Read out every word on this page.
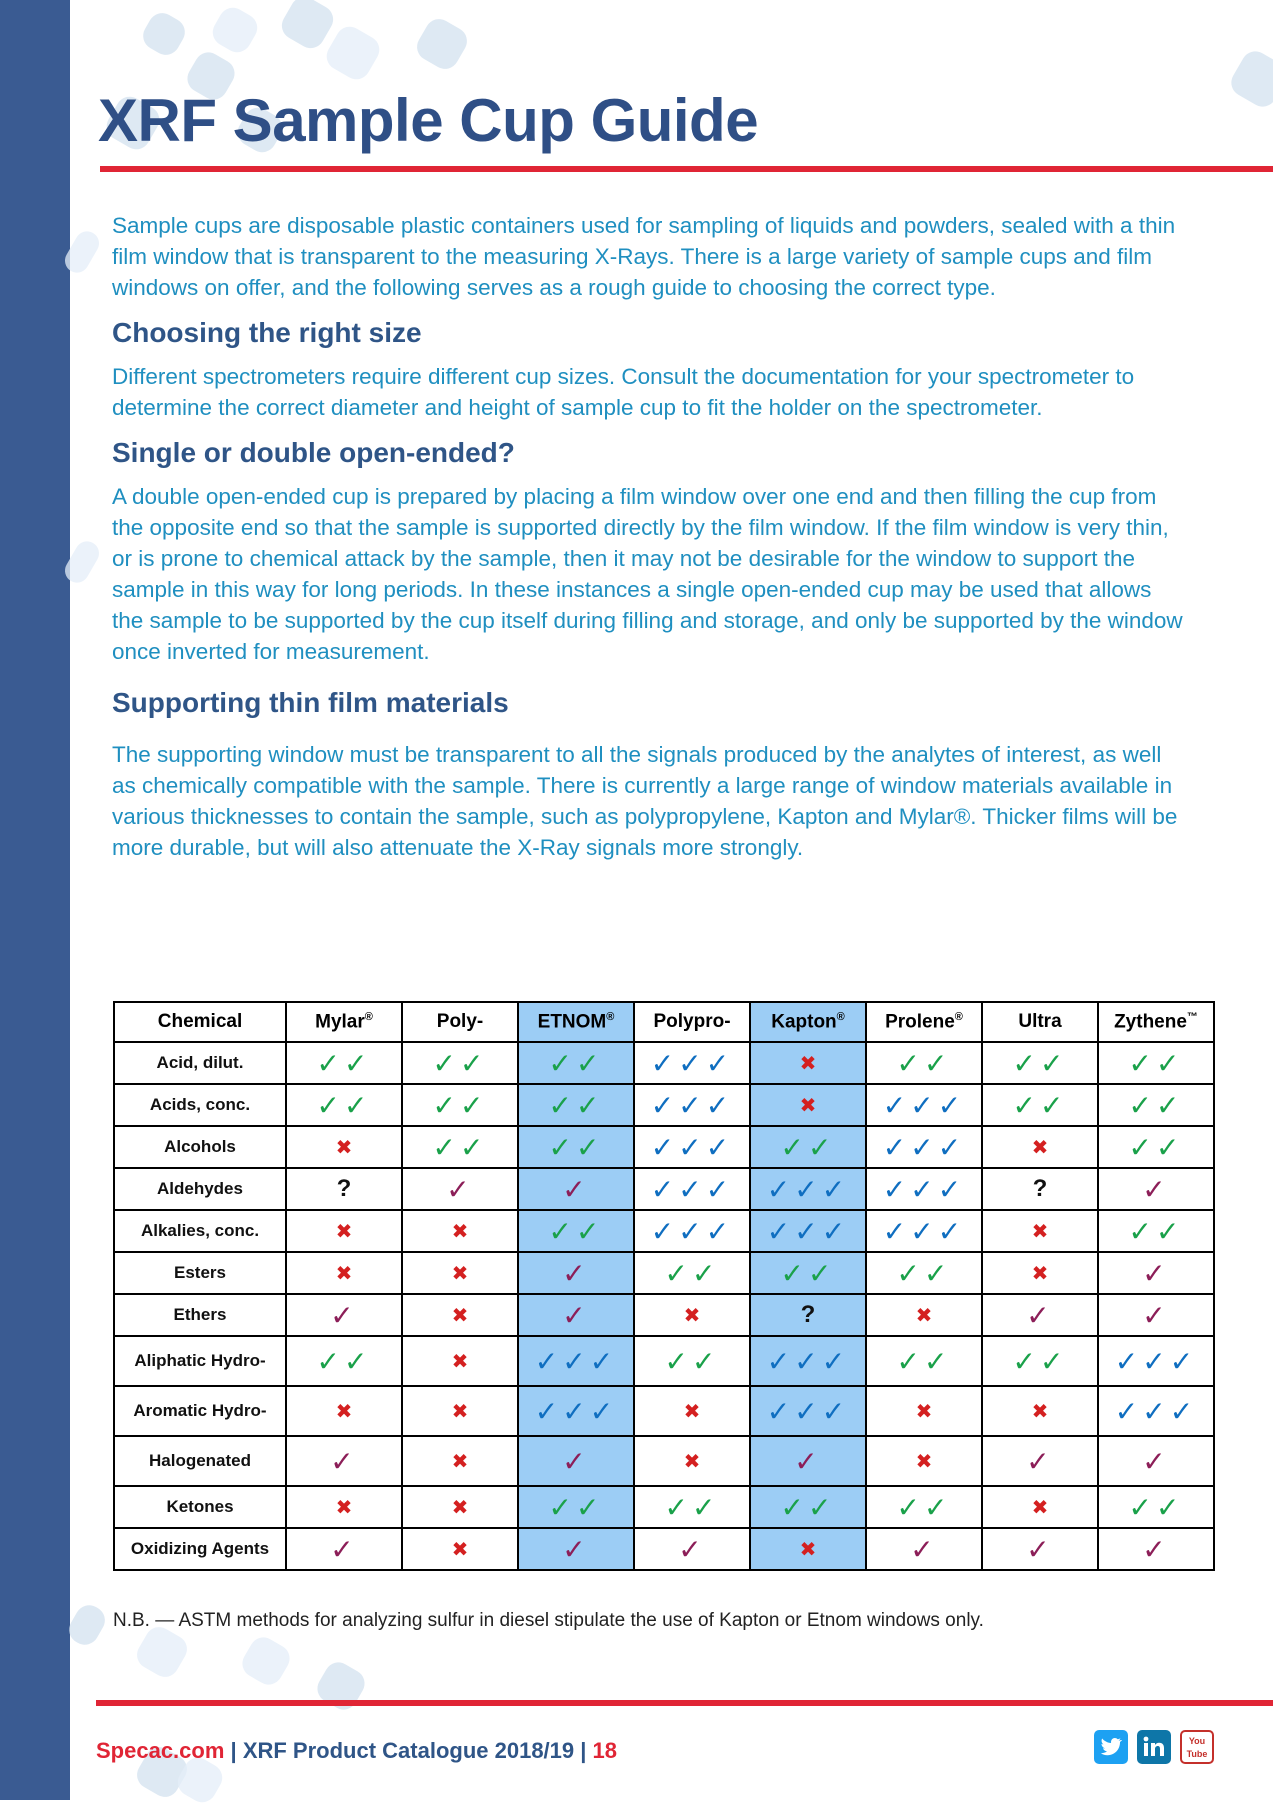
XRF Sample Cup Guide

Sample cups are disposable plastic containers used for sampling of liquids and powders, sealed with a thin film window that is transparent to the measuring X-Rays. There is a large variety of sample cups and film windows on offer, and the following serves as a rough guide to choosing the correct type.

Choosing the right size

Different spectrometers require different cup sizes. Consult the documentation for your spectrometer to determine the correct diameter and height of sample cup to fit the holder on the spectrometer.

Single or double open-ended?

A double open-ended cup is prepared by placing a film window over one end and then filling the cup from the opposite end so that the sample is supported directly by the film window. If the film window is very thin, or is prone to chemical attack by the sample, then it may not be desirable for the window to support the sample in this way for long periods. In these instances a single open-ended cup may be used that allows the sample to be supported by the cup itself during filling and storage, and only be supported by the window once inverted for measurement.

Supporting thin film materials

The supporting window must be transparent to all the signals produced by the analytes of interest, as well as chemically compatible with the sample. There is currently a large range of window materials available in various thicknesses to contain the sample, such as polypropylene, Kapton and Mylar®. Thicker films will be more durable, but will also attenuate the X-Ray signals more strongly.

Chemical	Mylar®	Poly-	ETNOM®	Polypro-	Kapton®	Prolene®	Ultra	Zythene™
Acid, dilut.	✓✓	✓✓	✓✓	✓✓✓	✖	✓✓	✓✓	✓✓
Acids, conc.	✓✓	✓✓	✓✓	✓✓✓	✖	✓✓✓	✓✓	✓✓
Alcohols	✖	✓✓	✓✓	✓✓✓	✓✓	✓✓✓	✖	✓✓
Aldehydes	?	✓	✓	✓✓✓	✓✓✓	✓✓✓	?	✓
Alkalies, conc.	✖	✖	✓✓	✓✓✓	✓✓✓	✓✓✓	✖	✓✓
Esters	✖	✖	✓	✓✓	✓✓	✓✓	✖	✓
Ethers	✓	✖	✓	✖	?	✖	✓	✓
Aliphatic Hydro-	✓✓	✖	✓✓✓	✓✓	✓✓✓	✓✓	✓✓	✓✓✓
Aromatic Hydro-	✖	✖	✓✓✓	✖	✓✓✓	✖	✖	✓✓✓
Halogenated	✓	✖	✓	✖	✓	✖	✓	✓
Ketones	✖	✖	✓✓	✓✓	✓✓	✓✓	✖	✓✓
Oxidizing Agents	✓	✖	✓	✓	✖	✓	✓	✓
N.B. — ASTM methods for analyzing sulfur in diesel stipulate the use of Kapton or Etnom windows only.
Specac.com | XRF Product Catalogue 2018/19 | 18	You Tube
